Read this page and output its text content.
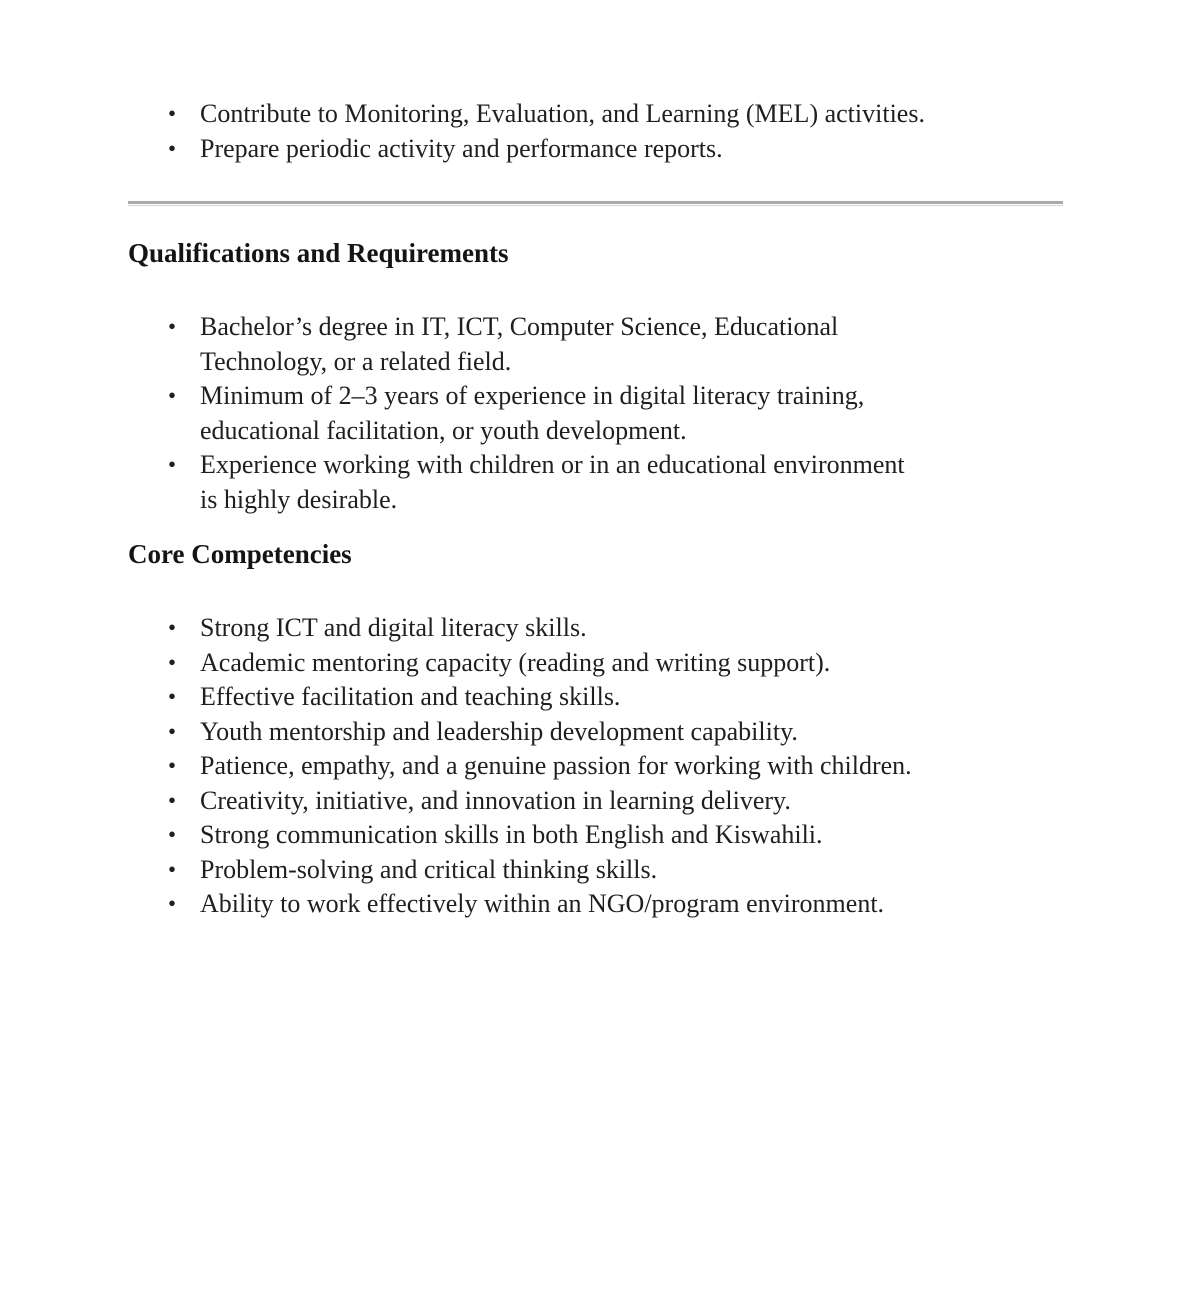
• Contribute to Monitoring, Evaluation, and Learning (MEL) activities.
• Prepare periodic activity and performance reports.
Qualifications and Requirements
• Bachelor’s degree in IT, ICT, Computer Science, Educational
Technology, or a related field.
• Minimum of 2–3 years of experience in digital literacy training,
educational facilitation, or youth development.
• Experience working with children or in an educational environment
is highly desirable.
Core Competencies
• Strong ICT and digital literacy skills.
• Academic mentoring capacity (reading and writing support).
• Effective facilitation and teaching skills.
• Youth mentorship and leadership development capability.
• Patience, empathy, and a genuine passion for working with children.
• Creativity, initiative, and innovation in learning delivery.
• Strong communication skills in both English and Kiswahili.
• Problem-solving and critical thinking skills.
• Ability to work effectively within an NGO/program environment.
